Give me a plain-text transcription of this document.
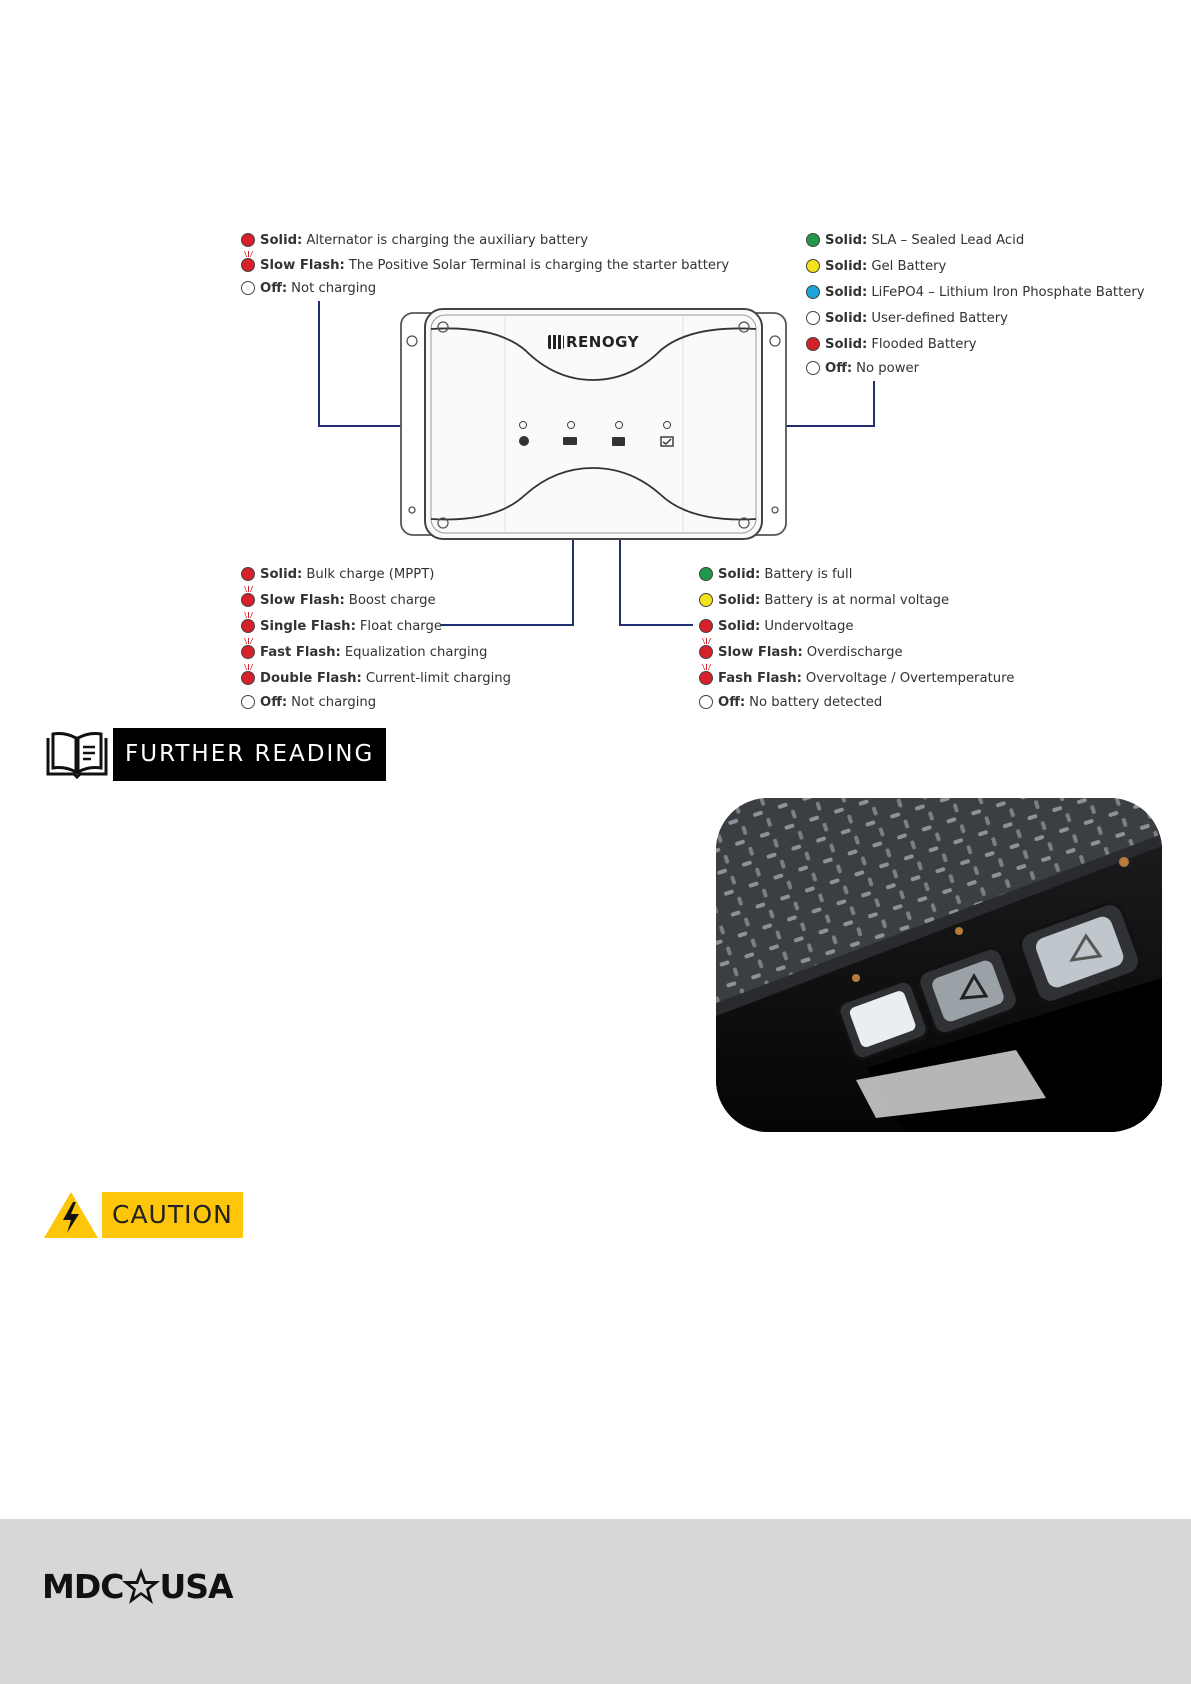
RENOGY
Solid: Alternator is charging the auxiliary battery
Slow Flash: The Positive Solar Terminal is charging the starter battery
Off: Not charging
Solid: SLA – Sealed Lead Acid
Solid: Gel Battery
Solid: LiFePO4 – Lithium Iron Phosphate Battery
Solid: User-defined Battery
Solid: Flooded Battery
Off: No power
Solid: Bulk charge (MPPT)
Slow Flash: Boost charge
Single Flash: Float charge
Fast Flash: Equalization charging
Double Flash: Current-limit charging
Off: Not charging
Solid: Battery is full
Solid: Battery is at normal voltage
Solid: Undervoltage
Slow Flash: Overdischarge
Fash Flash: Overvoltage / Overtemperature
Off: No battery detected
FURTHER READING
CAUTION
MDC USA
